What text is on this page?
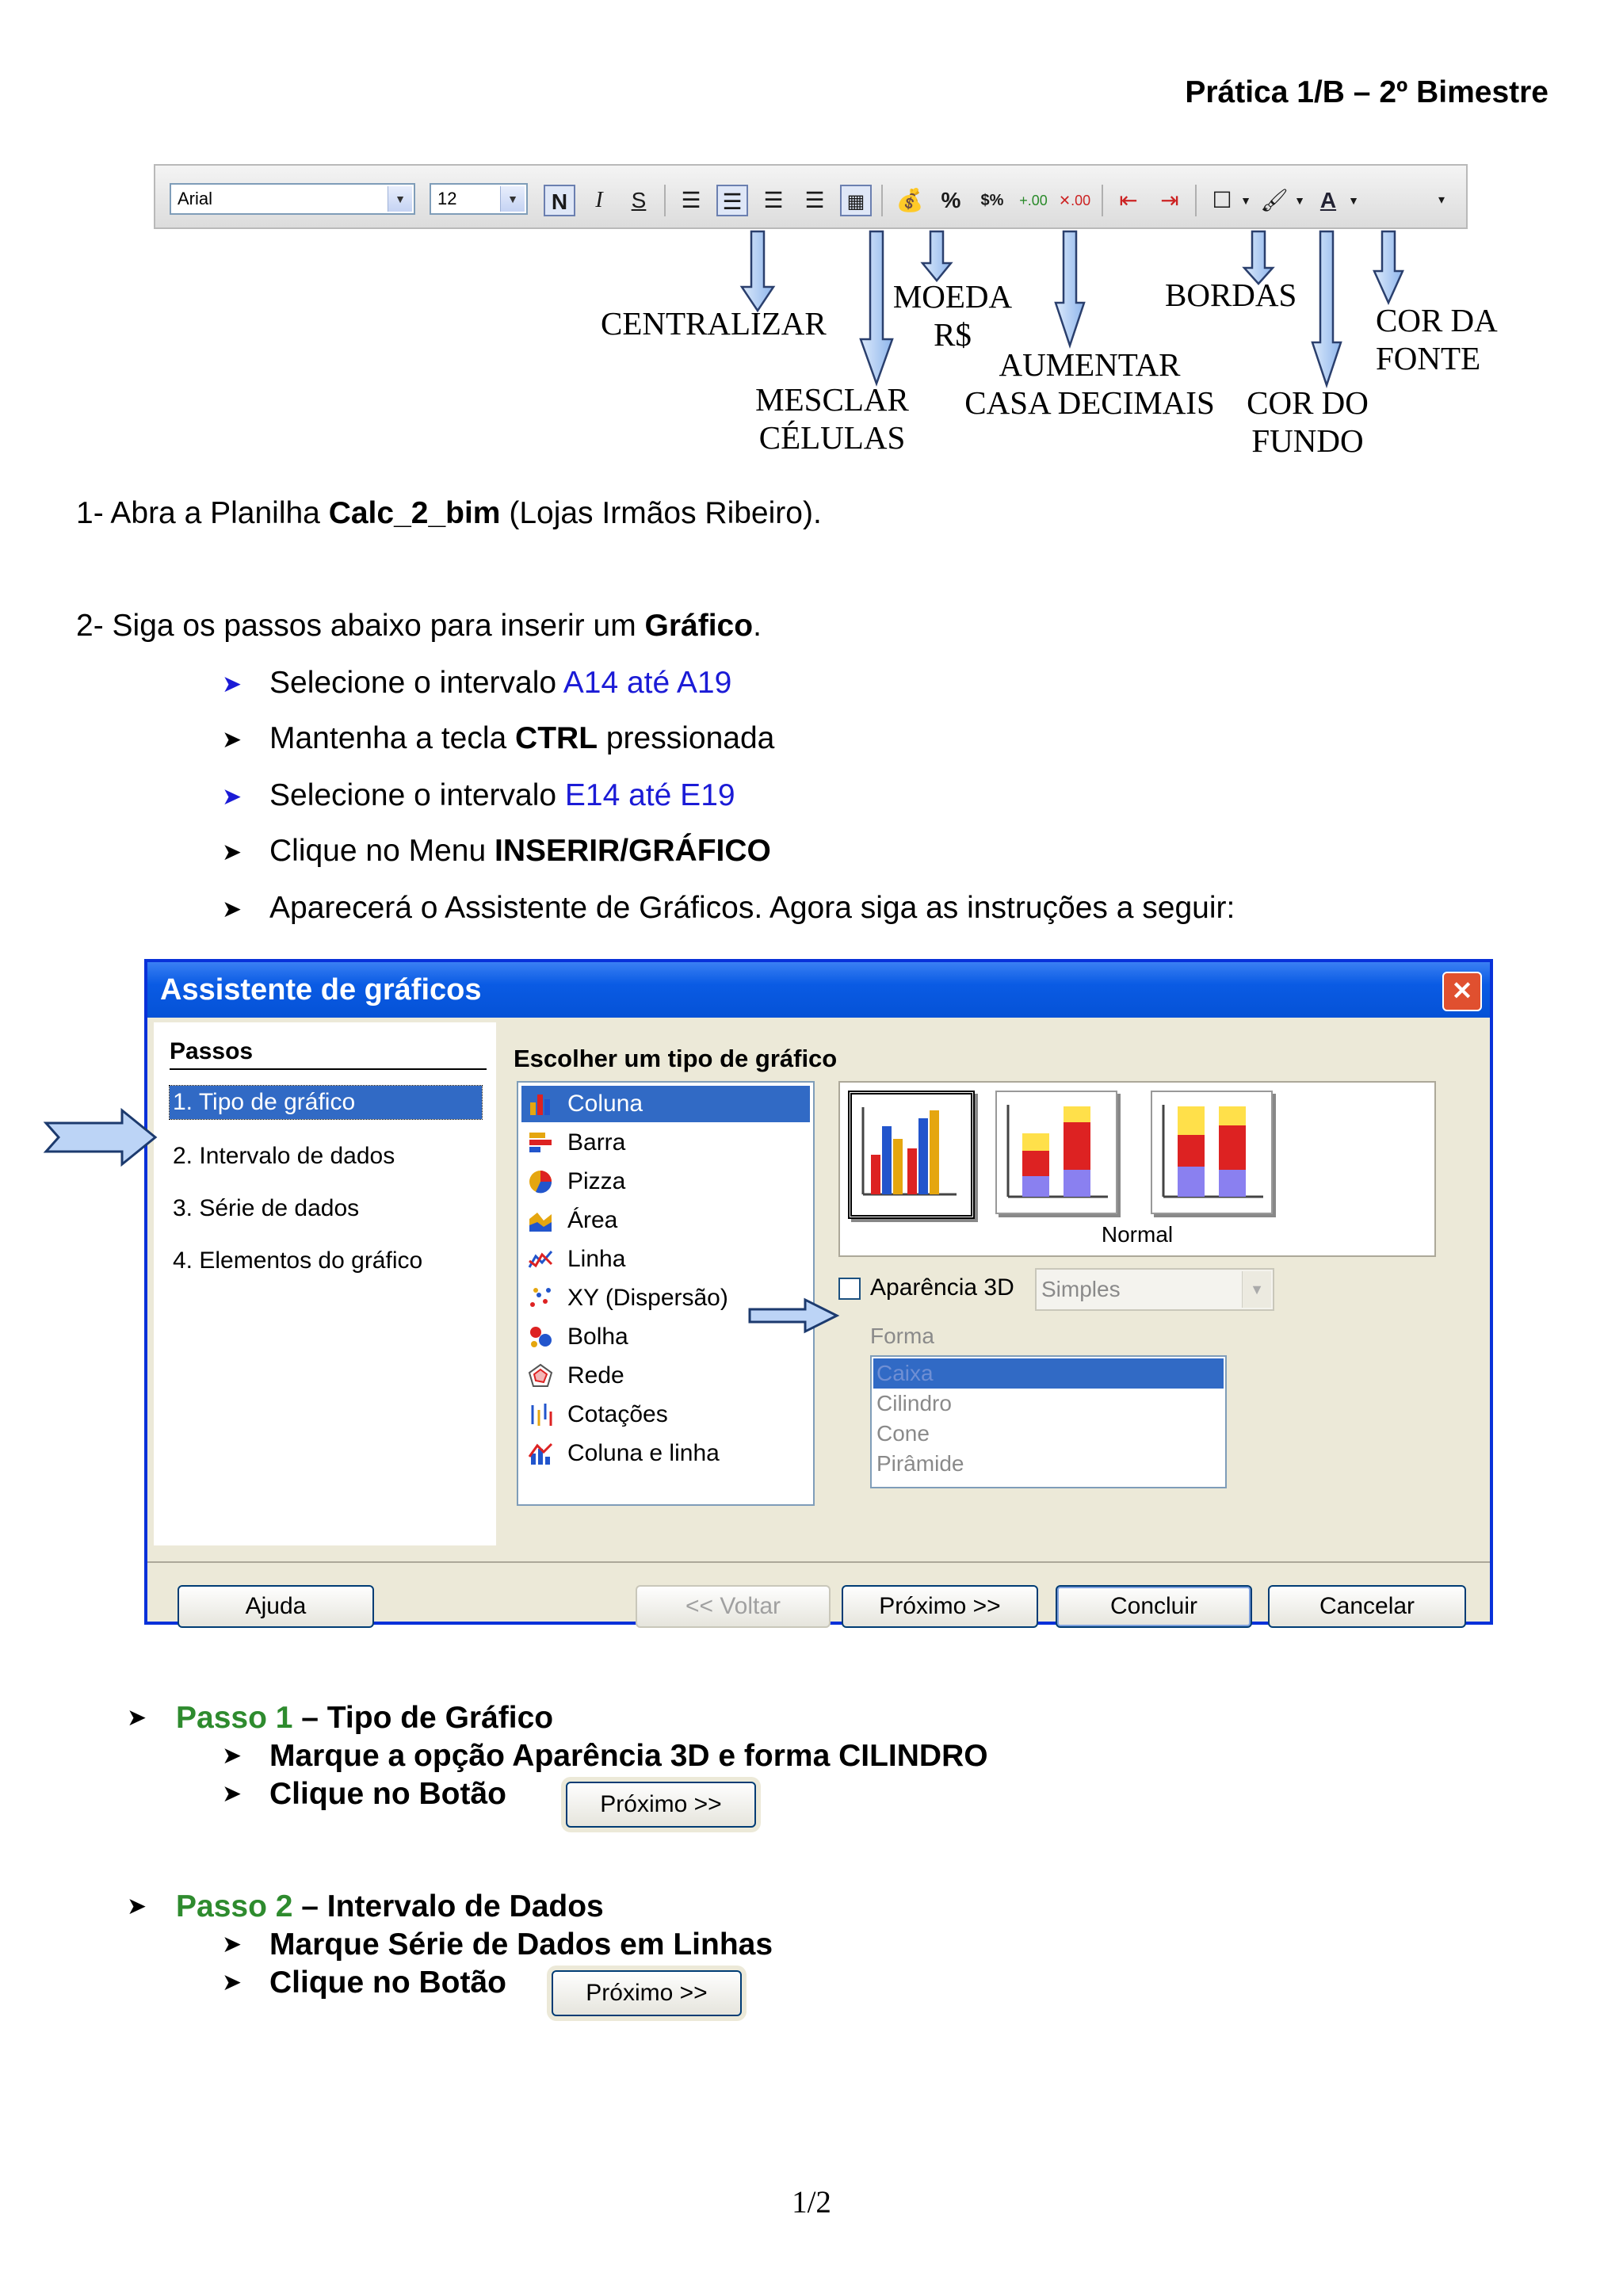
Prática 1/B – 2º Bimestre
Arial	▼	12	▼	N	I	S	☰ ☰ ☰ ☰	▦	💰 %	$%	+.00 ✕.00 ⇤ ⇥ ☐ ▼ 🖌 ▼ A	▼	▾
CENTRALIZAR
MESCLAR
CÉLULAS
MOEDA
R$
AUMENTAR
CASA DECIMAIS
BORDAS
COR DO
FUNDO
COR DA
FONTE
1- Abra a Planilha Calc_2_bim (Lojas Irmãos Ribeiro).
2- Siga os passos abaixo para inserir um Gráfico.
➤ Selecione o intervalo A14 até A19
➤ Mantenha a tecla CTRL pressionada
➤ Selecione o intervalo E14 até E19
➤ Clique no Menu INSERIR/GRÁFICO
➤ Aparecerá o Assistente de Gráficos. Agora siga as instruções a seguir:
Assistente de gráficos	✕
Passos
1. Tipo de gráfico
2. Intervalo de dados
3. Série de dados
4. Elementos do gráfico
Escolher um tipo de gráfico
Coluna
Barra
Pizza
Área
Linha
XY (Dispersão)
Bolha
Rede
Cotações
Coluna e linha
Normal
Aparência 3D Simples	▼
Forma
Caixa
Cilindro
Cone
Pirâmide
Ajuda	<< Voltar	Próximo >>	Concluir	Cancelar
➤ Passo 1 – Tipo de Gráfico
➤ Marque a opção Aparência 3D e forma CILINDRO
➤ Clique no Botão	Próximo >>
➤ Passo 2 – Intervalo de Dados
➤ Marque Série de Dados em Linhas
➤ Clique no Botão	Próximo >>
1/2
